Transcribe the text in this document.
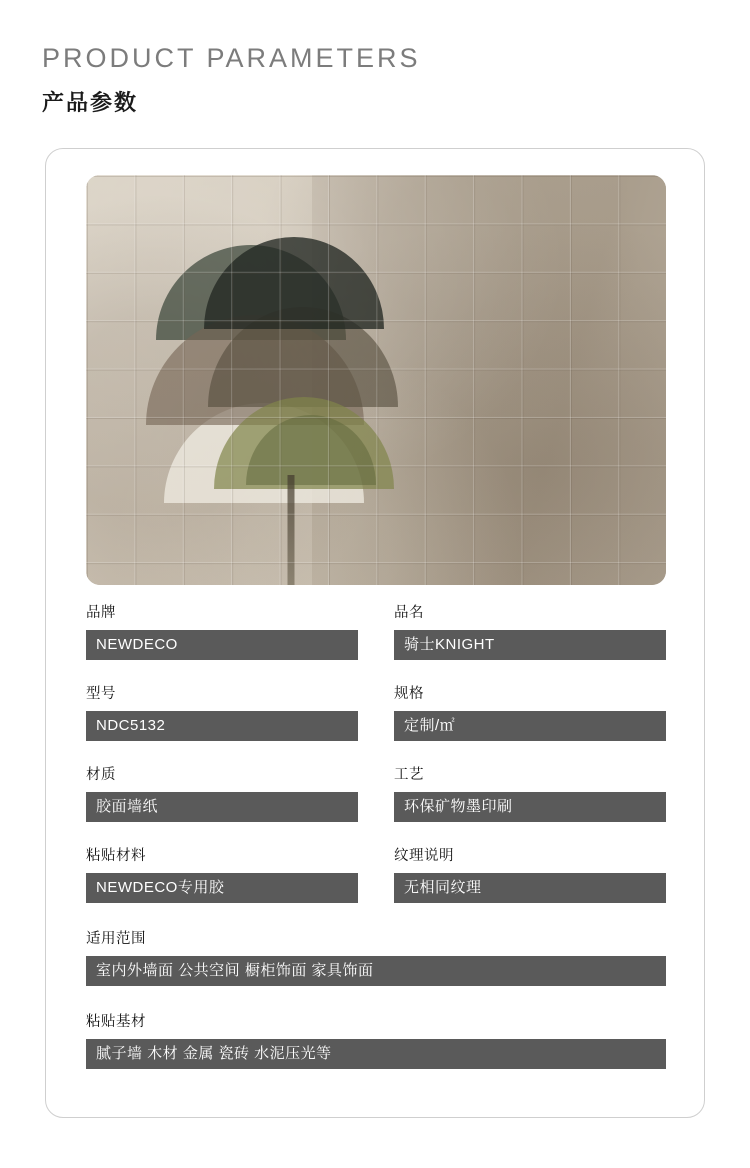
PRODUCT PARAMETERS
产品参数
品牌
NEWDECO
品名
骑士KNIGHT
型号
NDC5132
规格
定制/㎡
材质
胶面墙纸
工艺
环保矿物墨印刷
粘贴材料
NEWDECO专用胶
纹理说明
无相同纹理
适用范围
室内外墙面 公共空间 橱柜饰面 家具饰面
粘贴基材
腻子墙 木材 金属 瓷砖 水泥压光等
